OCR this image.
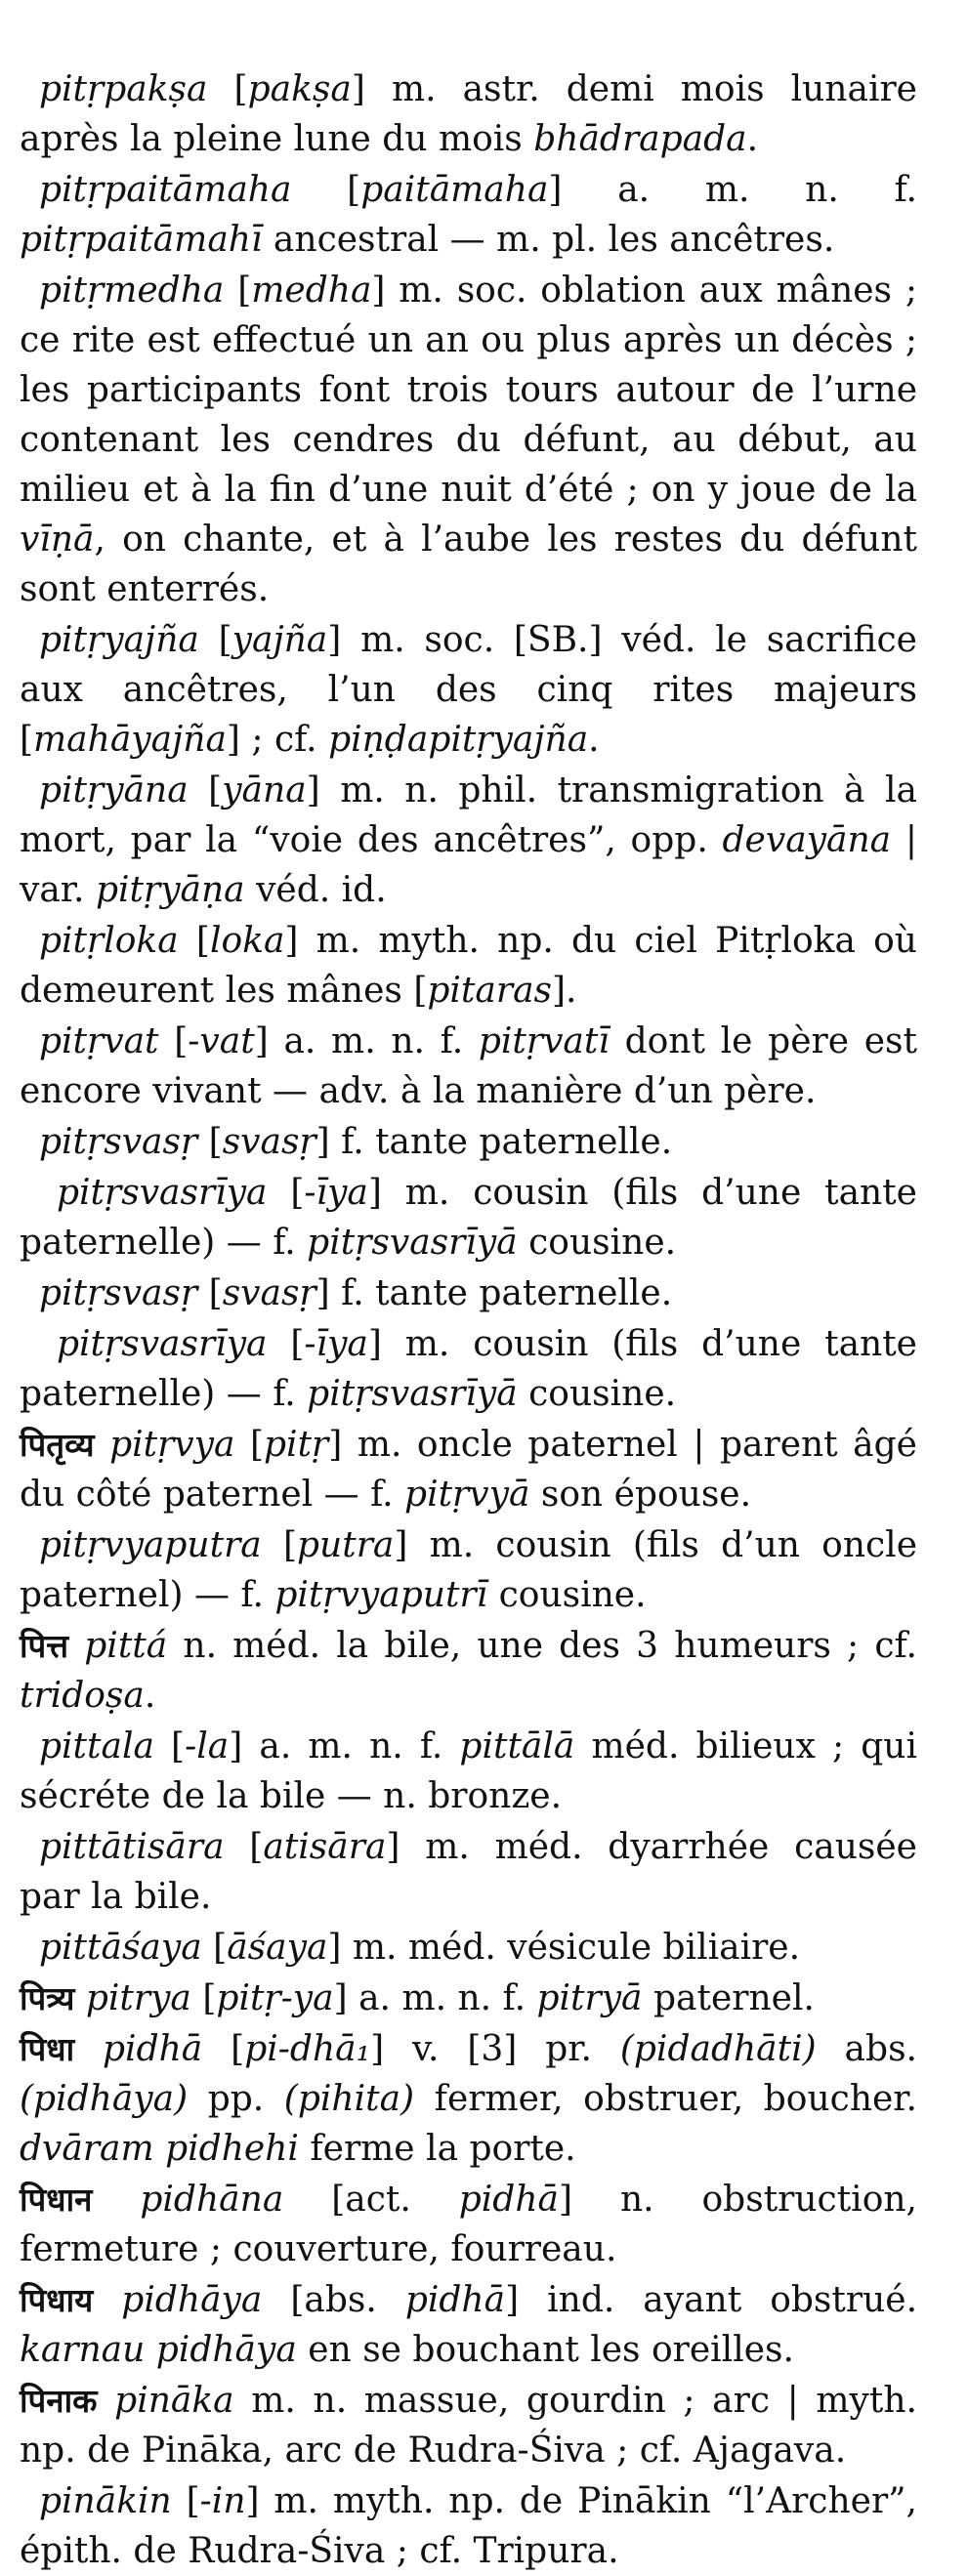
pitṛpakṣa [pakṣa] m. astr. demi mois lunaire après la pleine lune du mois bhādrapada.

pitṛpaitāmaha [paitāmaha] a. m. n. f. pitṛpaitāmahī ancestral — m. pl. les ancêtres.

pitṛmedha [medha] m. soc. oblation aux mânes ; ce rite est effectué un an ou plus après un décès ; les participants font trois tours autour de l’urne contenant les cendres du défunt, au début, au milieu et à la fin d’une nuit d’été ; on y joue de la vīṇā, on chante, et à l’aube les restes du défunt sont enterrés.

pitṛyajña [yajña] m. soc. [SB.] véd. le sacrifice aux ancêtres, l’un des cinq rites majeurs [mahāyajña] ; cf. piṇḍapitṛyajña.

pitṛyāna [yāna] m. n. phil. transmigration à la mort, par la “voie des ancêtres”, opp. devayāna | var. pitṛyāṇa véd. id.

pitṛloka [loka] m. myth. np. du ciel Pitṛloka où demeurent les mânes [pitaras].

pitṛvat [-vat] a. m. n. f. pitṛvatī dont le père est encore vivant — adv. à la manière d’un père.

pitṛsvasṛ [svasṛ] f. tante paternelle.

pitṛsvasrīya [-īya] m. cousin (fils d’une tante paternelle) — f. pitṛsvasrīyā cousine.

pitṛsvasṛ [svasṛ] f. tante paternelle.

pitṛsvasrīya [-īya] m. cousin (fils d’une tante paternelle) — f. pitṛsvasrīyā cousine.

पितृव्य pitṛvya [pitṛ] m. oncle paternel | parent âgé du côté paternel — f. pitṛvyā son épouse.

pitṛvyaputra [putra] m. cousin (fils d’un oncle paternel) — f. pitṛvyaputrī cousine.

पित्त pittá n. méd. la bile, une des 3 humeurs ; cf. tridoṣa.

pittala [-la] a. m. n. f. pittālā méd. bilieux ; qui sécréte de la bile — n. bronze.

pittātisāra [atisāra] m. méd. dyarrhée causée par la bile.

pittāśaya [āśaya] m. méd. vésicule biliaire.

पित्र्य pitrya [pitṛ-ya] a. m. n. f. pitryā paternel.

पिधा pidhā [pi-dhā₁] v. [3] pr. (pidadhāti) abs. (pidhāya) pp. (pihita) fermer, obstruer, boucher. dvāram pidhehi ferme la porte.

पिधान pidhāna [act. pidhā] n. obstruction, fermeture ; couverture, fourreau.

पिधाय pidhāya [abs. pidhā] ind. ayant obstrué. karnau pidhāya en se bouchant les oreilles.

पिनाक pināka m. n. massue, gourdin ; arc | myth. np. de Pināka, arc de Rudra-Śiva ; cf. Ajagava.

pinākin [-in] m. myth. np. de Pinākin “l’Archer”, épith. de Rudra-Śiva ; cf. Tripura.
